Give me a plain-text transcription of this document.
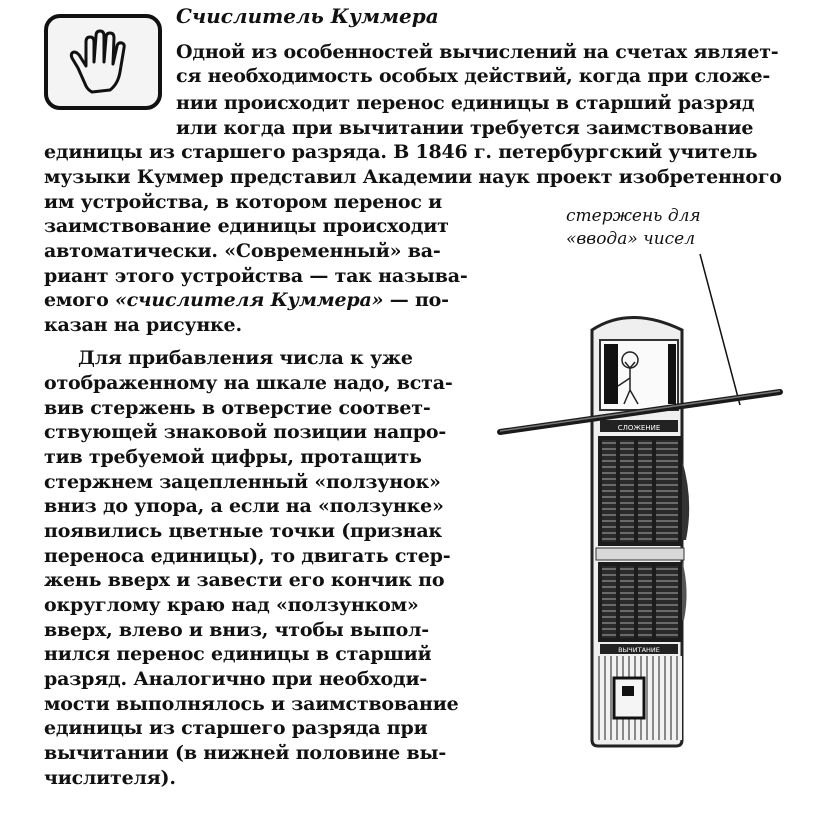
Счислитель Куммера
Одной из особенностей вычислений на счетах являет-
ся необходимость особых действий, когда при сложе-
нии происходит перенос единицы в старший разряд
или когда при вычитании требуется заимствование
единицы из старшего разряда. В 1846 г. петербургский учитель
музыки Куммер представил Академии наук проект изобретенного
им устройства, в котором перенос и
заимствование единицы происходит
автоматически. «Современный» ва-
риант этого устройства — так называ-
емого «счислителя Куммера» — по-
казан на рисунке.
Для прибавления числа к уже
отображенному на шкале надо, вста-
вив стержень в отверстие соответ-
ствующей знаковой позиции напро-
тив требуемой цифры, протащить
стержнем зацепленный «ползунок»
вниз до упора, а если на «ползунке»
появились цветные точки (признак
переноса единицы), то двигать стер-
жень вверх и завести его кончик по
округлому краю над «ползунком»
вверх, влево и вниз, чтобы выпол-
нился перенос единицы в старший
разряд. Аналогично при необходи-
мости выполнялось и заимствование
единицы из старшего разряда при
вычитании (в нижней половине вы-
числителя).
стержень для
«ввода» чисел
СЛОЖЕНИЕ
ВЫЧИТАНИЕ
